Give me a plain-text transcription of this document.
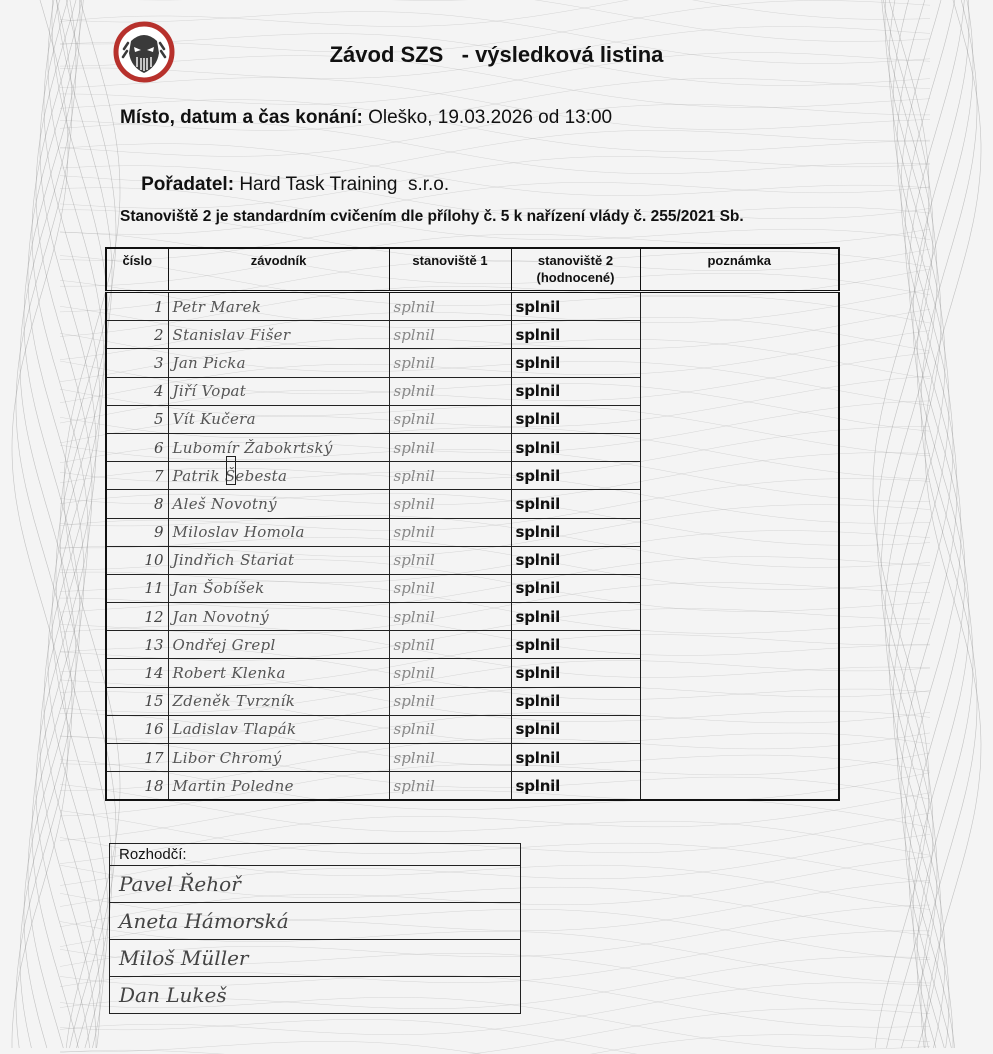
Závod SZS   - výsledková listina
Místo, datum a čas konání: Oleško, 19.03.2026 od 13:00

Pořadatel: Hard Task Training  s.r.o.

Stanoviště 2 je standardním cvičením dle přílohy č. 5 k nařízení vlády č. 255/2021 Sb.
číslo	závodník	stanoviště 1	stanoviště 2 (hodnocené)	poznámka
1	Petr Marek	splnil	splnil	

2	Stanislav Fišer	splnil	splnil	

3	Jan Picka	splnil	splnil	

4	Jiří Vopat	splnil	splnil	

5	Vít Kučera	splnil	splnil	

6	Lubomír Žabokrtský	splnil	splnil	

7	Patrik Šebesta	splnil	splnil	

8	Aleš Novotný	splnil	splnil	

9	Miloslav Homola	splnil	splnil	

10	Jindřich Stariat	splnil	splnil	

11	Jan Šobíšek	splnil	splnil	

12	Jan Novotný	splnil	splnil	

13	Ondřej Grepl	splnil	splnil	

14	Robert Klenka	splnil	splnil	

15	Zdeněk Tvrzník	splnil	splnil	

16	Ladislav Tlapák	splnil	splnil	

17	Libor Chromý	splnil	splnil	

18	Martin Poledne	splnil	splnil	
Rozhodčí:
Pavel Řehoř
Aneta Hámorská
Miloš Müller
Dan Lukeš
